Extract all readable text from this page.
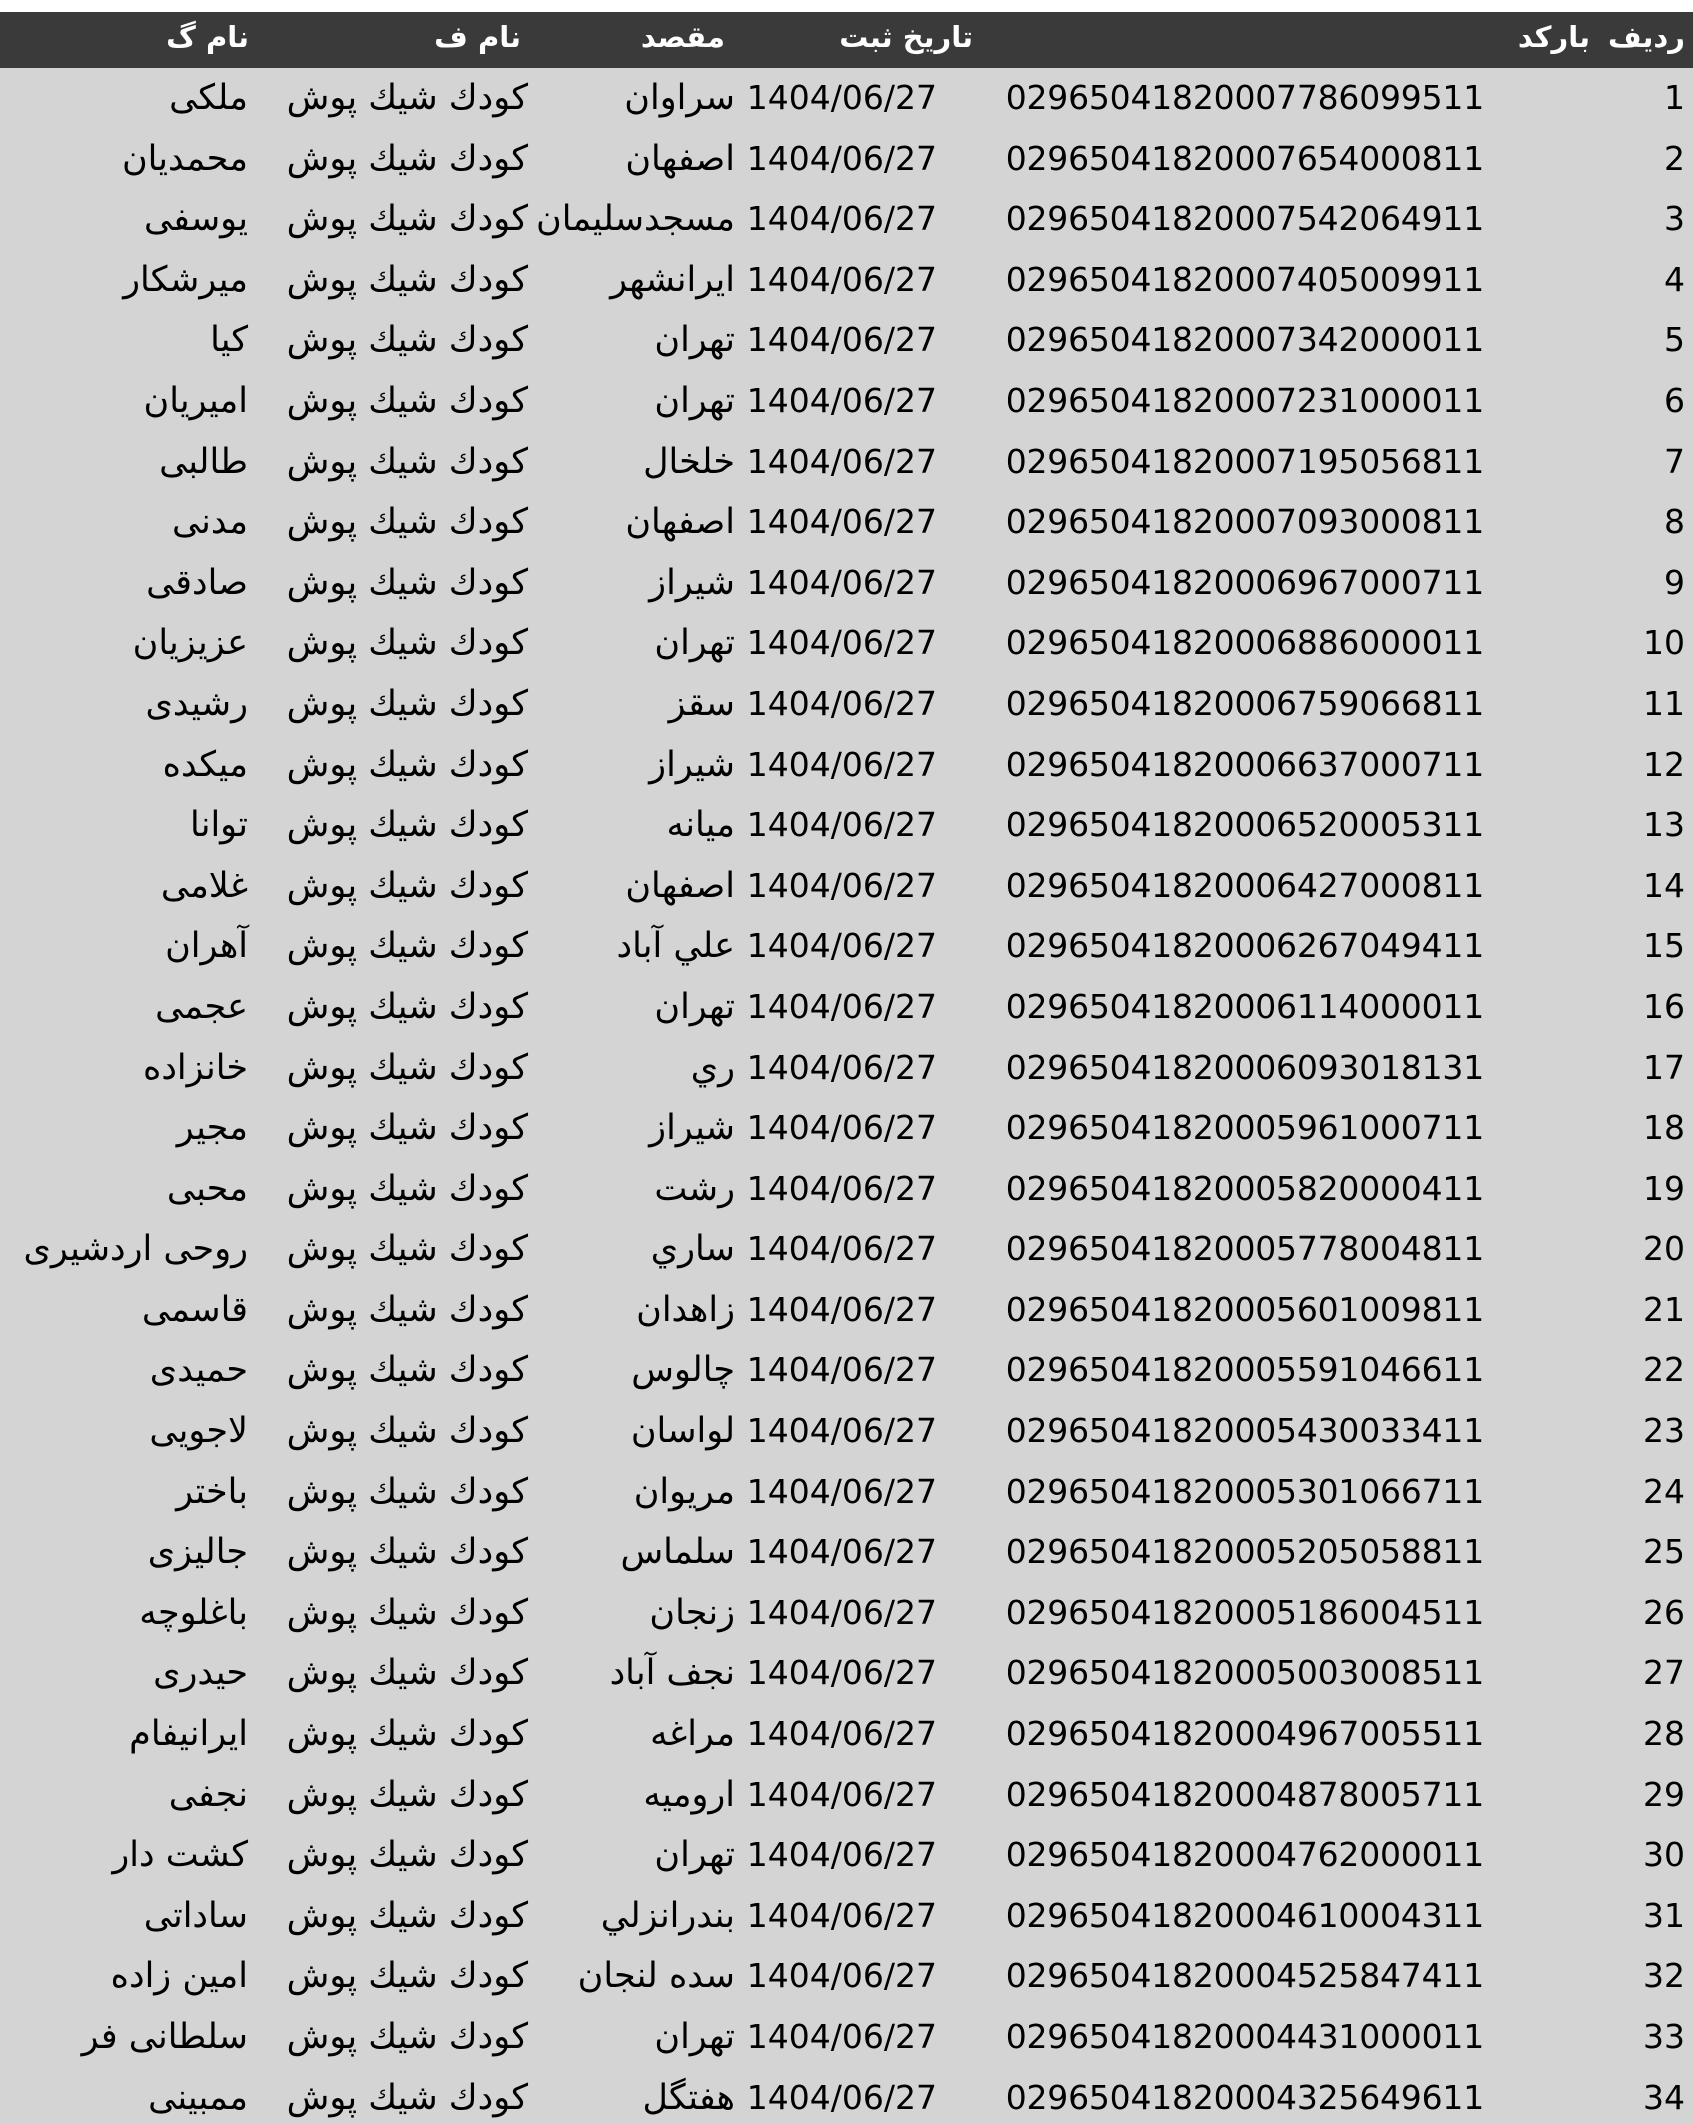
ردیف
بارکد
تاریخ ثبت
مقصد
نام ف
نام گ
1
02965041820007786099511
1404/06/27
سراوان
كودك شيك پوش
ملکی
2
02965041820007654000811
1404/06/27
اصفهان
كودك شيك پوش
محمدیان
3
02965041820007542064911
1404/06/27
مسجدسليمان
كودك شيك پوش
یوسفی
4
02965041820007405009911
1404/06/27
ايرانشهر
كودك شيك پوش
میرشکار
5
02965041820007342000011
1404/06/27
تهران
كودك شيك پوش
کیا
6
02965041820007231000011
1404/06/27
تهران
كودك شيك پوش
امیریان
7
02965041820007195056811
1404/06/27
خلخال
كودك شيك پوش
طالبی
8
02965041820007093000811
1404/06/27
اصفهان
كودك شيك پوش
مدنی
9
02965041820006967000711
1404/06/27
شيراز
كودك شيك پوش
صادقی
10
02965041820006886000011
1404/06/27
تهران
كودك شيك پوش
عزیزیان
11
02965041820006759066811
1404/06/27
سقز
كودك شيك پوش
رشیدی
12
02965041820006637000711
1404/06/27
شيراز
كودك شيك پوش
میکده
13
02965041820006520005311
1404/06/27
ميانه
كودك شيك پوش
توانا
14
02965041820006427000811
1404/06/27
اصفهان
كودك شيك پوش
غلامی
15
02965041820006267049411
1404/06/27
علي آباد
كودك شيك پوش
آهران
16
02965041820006114000011
1404/06/27
تهران
كودك شيك پوش
عجمی
17
02965041820006093018131
1404/06/27
ري
كودك شيك پوش
خانزاده
18
02965041820005961000711
1404/06/27
شيراز
كودك شيك پوش
مجیر
19
02965041820005820000411
1404/06/27
رشت
كودك شيك پوش
محبی
20
02965041820005778004811
1404/06/27
ساري
كودك شيك پوش
روحی اردشیری
21
02965041820005601009811
1404/06/27
زاهدان
كودك شيك پوش
قاسمی
22
02965041820005591046611
1404/06/27
چالوس
كودك شيك پوش
حمیدی
23
02965041820005430033411
1404/06/27
لواسان
كودك شيك پوش
لاجویی
24
02965041820005301066711
1404/06/27
مريوان
كودك شيك پوش
باختر
25
02965041820005205058811
1404/06/27
سلماس
كودك شيك پوش
جالیزی
26
02965041820005186004511
1404/06/27
زنجان
كودك شيك پوش
باغلوچه
27
02965041820005003008511
1404/06/27
نجف آباد
كودك شيك پوش
حیدری
28
02965041820004967005511
1404/06/27
مراغه
كودك شيك پوش
ایرانیفام
29
02965041820004878005711
1404/06/27
اروميه
كودك شيك پوش
نجفی
30
02965041820004762000011
1404/06/27
تهران
كودك شيك پوش
کشت دار
31
02965041820004610004311
1404/06/27
بندرانزلي
كودك شيك پوش
ساداتی
32
02965041820004525847411
1404/06/27
سده لنجان
كودك شيك پوش
امین زاده
33
02965041820004431000011
1404/06/27
تهران
كودك شيك پوش
سلطانی فر
34
02965041820004325649611
1404/06/27
هفتگل
كودك شيك پوش
ممبینی
